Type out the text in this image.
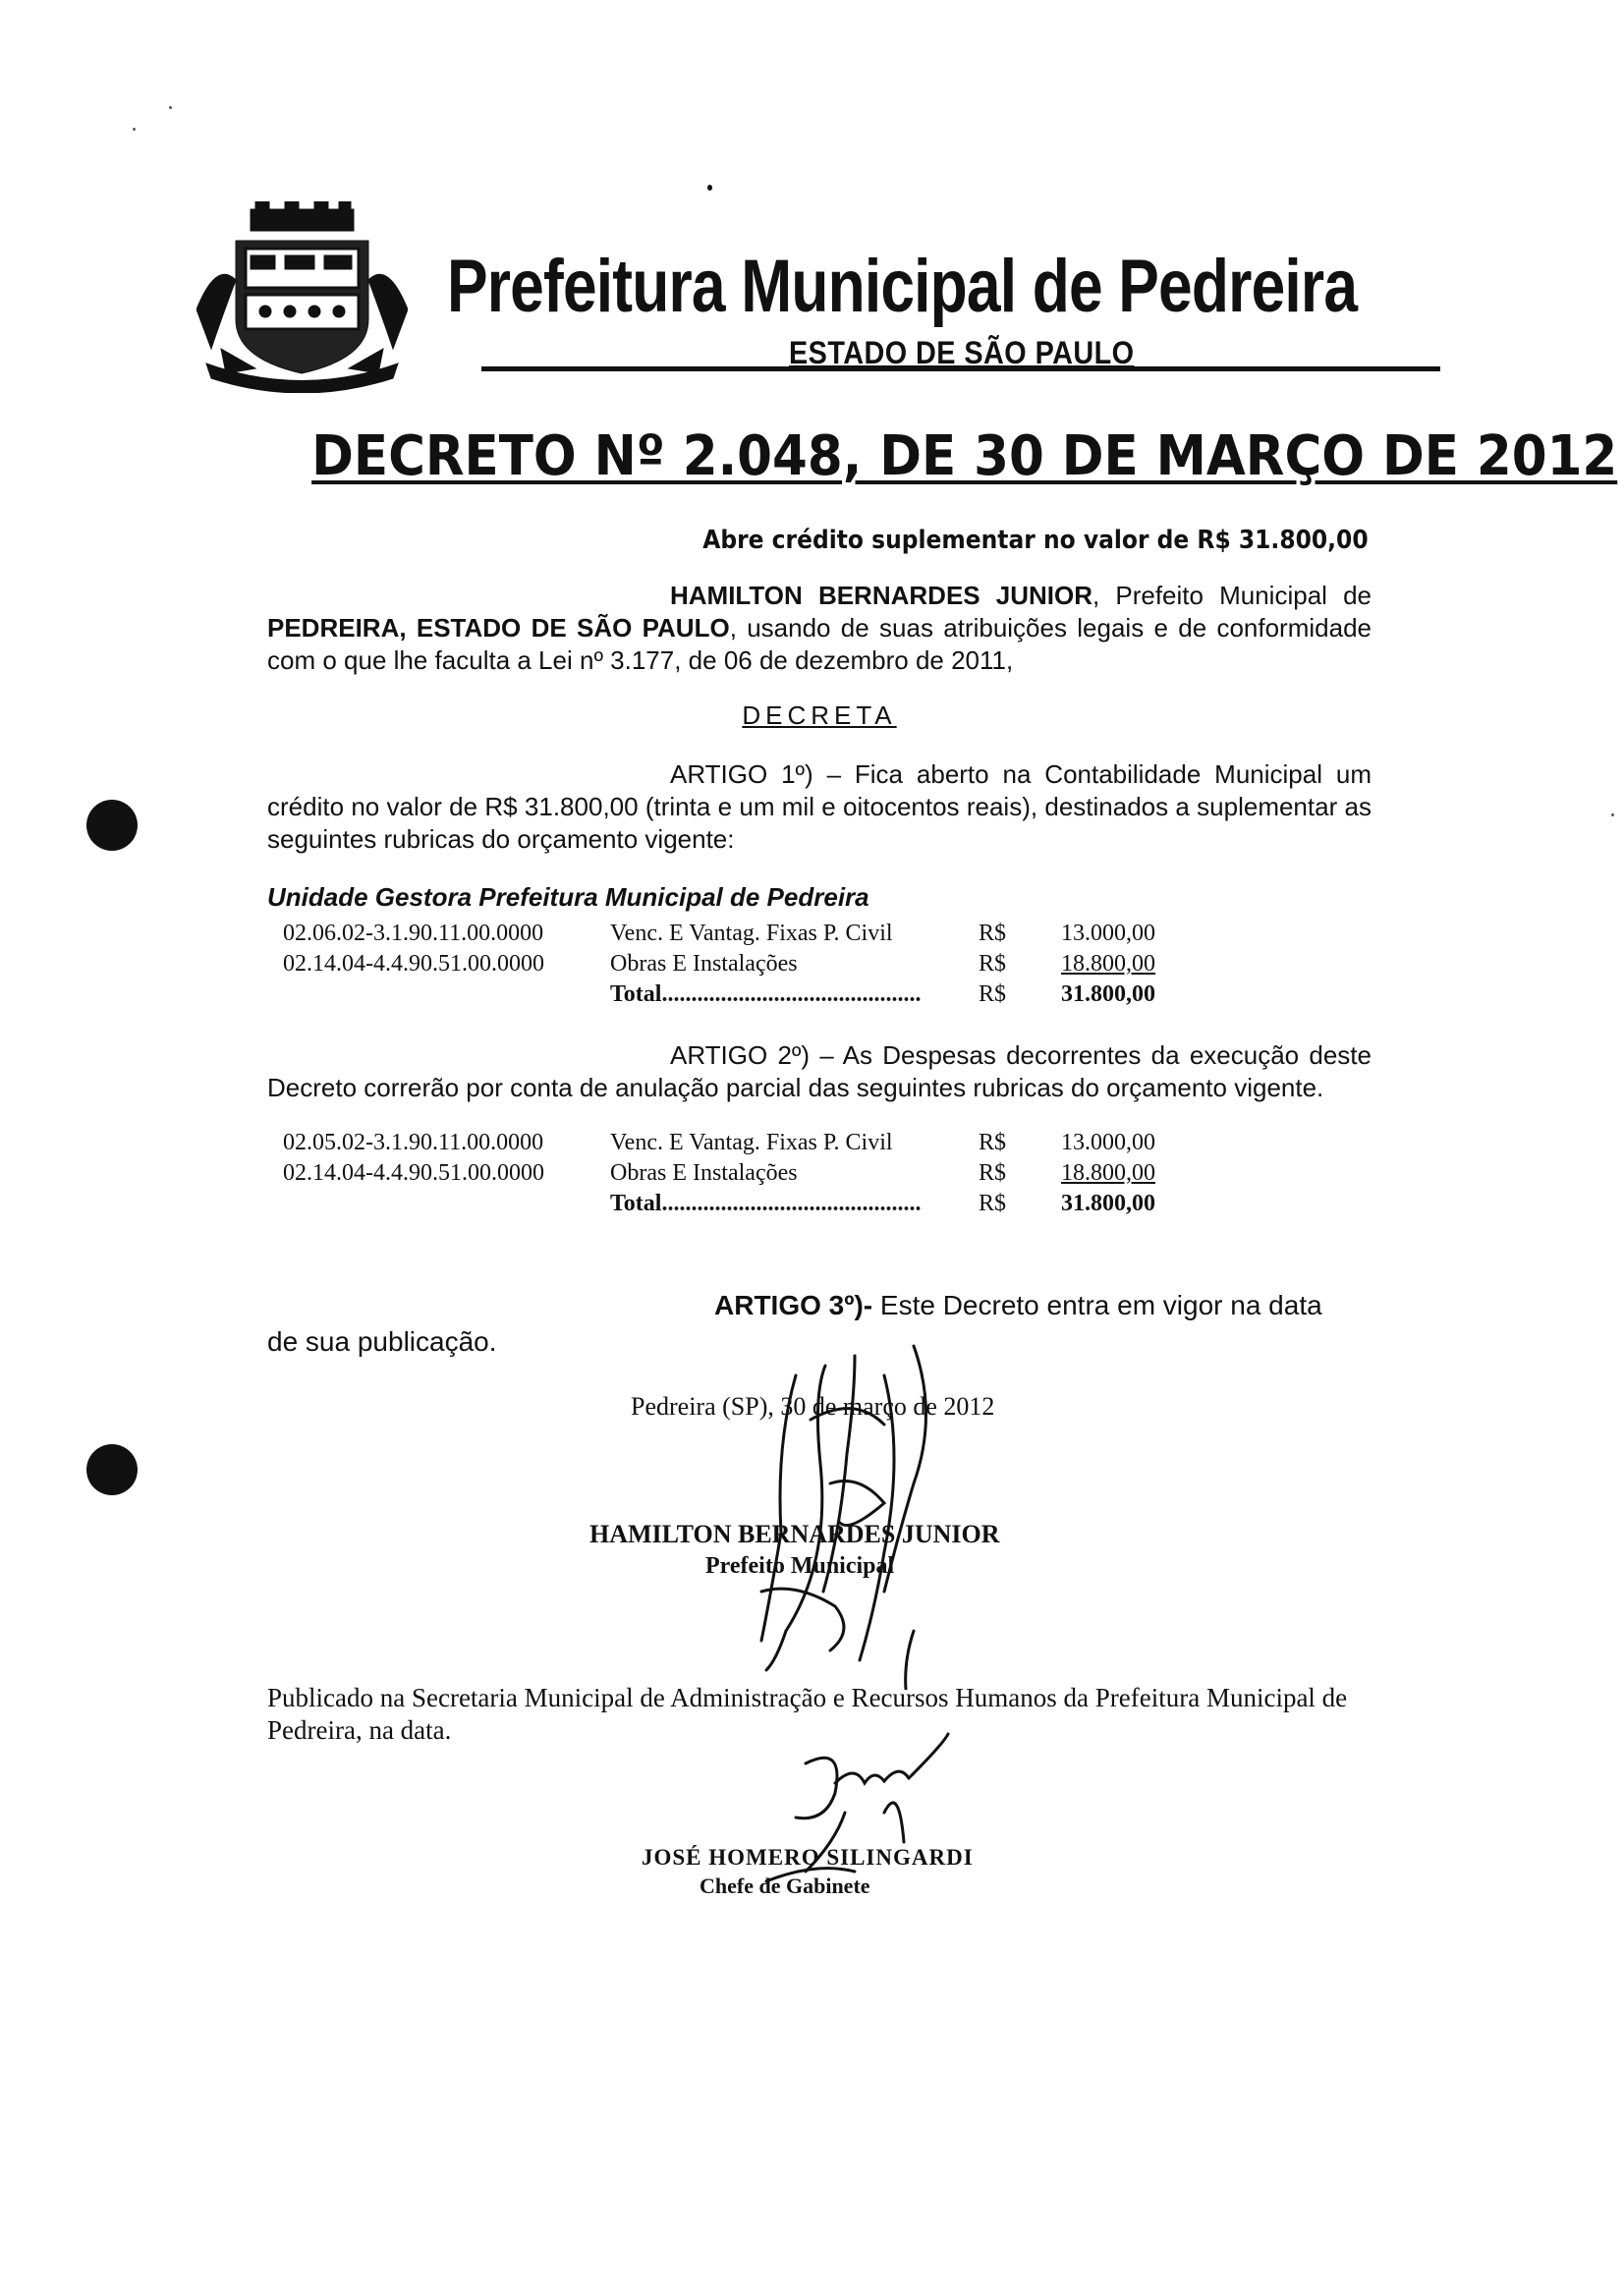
Prefeitura Municipal de Pedreira
ESTADO DE SÃO PAULO
DECRETO Nº 2.048, DE 30 DE MARÇO DE 2012
Abre crédito suplementar no valor de R$ 31.800,00
HAMILTON BERNARDES JUNIOR, Prefeito Municipal de PEDREIRA, ESTADO DE SÃO PAULO, usando de suas atribuições legais e de conformidade com o que lhe faculta a Lei nº 3.177, de 06 de dezembro de 2011,
DECRETA
ARTIGO 1º) – Fica aberto na Contabilidade Municipal um crédito no valor de R$ 31.800,00 (trinta e um mil e oitocentos reais), destinados a suplementar as seguintes rubricas do orçamento vigente:
Unidade Gestora Prefeitura Municipal de Pedreira
02.06.02-3.1.90.11.00.0000	Venc. E Vantag. Fixas P. Civil	R$ 13.000,00
02.14.04-4.4.90.51.00.0000	Obras E Instalações	R$ 18.800,00
Total............................................ R$ 31.800,00
ARTIGO 2º) – As Despesas decorrentes da execução deste Decreto correrão por conta de anulação parcial das seguintes rubricas do orçamento vigente.
02.05.02-3.1.90.11.00.0000	Venc. E Vantag. Fixas P. Civil	R$ 13.000,00
02.14.04-4.4.90.51.00.0000	Obras E Instalações	R$ 18.800,00
Total............................................ R$ 31.800,00
ARTIGO 3º)- Este Decreto entra em vigor na data
de sua publicação.
Pedreira (SP), 30 de março de 2012
HAMILTON BERNARDES JUNIOR
Prefeito Municipal
Publicado na Secretaria Municipal de Administração e Recursos Humanos da Prefeitura Municipal de Pedreira, na data.
JOSÉ HOMERO SILINGARDI
Chefe de Gabinete
